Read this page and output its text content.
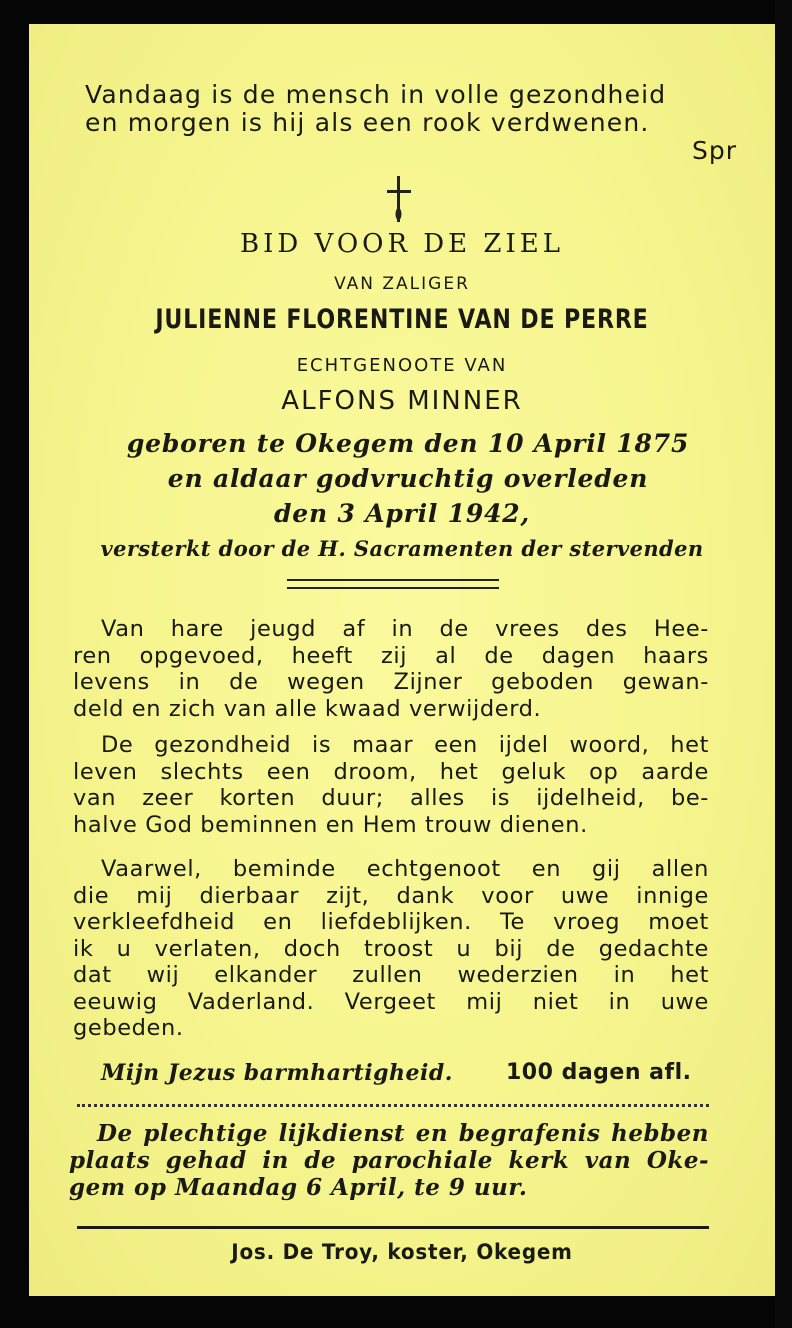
Vandaag is de mensch in volle gezondheid

en morgen is hij als een rook verdwenen.

Spr

BID VOOR DE ZIEL

VAN ZALIGER

JULIENNE FLORENTINE VAN DE PERRE

ECHTGENOOTE VAN

ALFONS MINNER

geboren te Okegem den 10 April 1875

en aldaar godvruchtig overleden

den 3 April 1942,

versterkt door de H. Sacramenten der stervenden

Van hare jeugd af in de vrees des Hee-
ren opgevoed, heeft zij al de dagen haars
levens in de wegen Zijner geboden gewan-
deld en zich van alle kwaad verwijderd.
De gezondheid is maar een ijdel woord, het
leven slechts een droom, het geluk op aarde
van zeer korten duur; alles is ijdelheid, be-
halve God beminnen en Hem trouw dienen.
Vaarwel, beminde echtgenoot en gij allen
die mij dierbaar zijt, dank voor uwe innige
verkleefdheid en liefdeblijken. Te vroeg moet
ik u verlaten, doch troost u bij de gedachte
dat wij elkander zullen wederzien in het
eeuwig Vaderland. Vergeet mij niet in uwe
gebeden.

Mijn Jezus barmhartigheid. 100 dagen afl.

De plechtige lijkdienst en begrafenis hebben
plaats gehad in de parochiale kerk van Oke-
gem op Maandag 6 April, te 9 uur.

Jos. De Troy, koster, Okegem
